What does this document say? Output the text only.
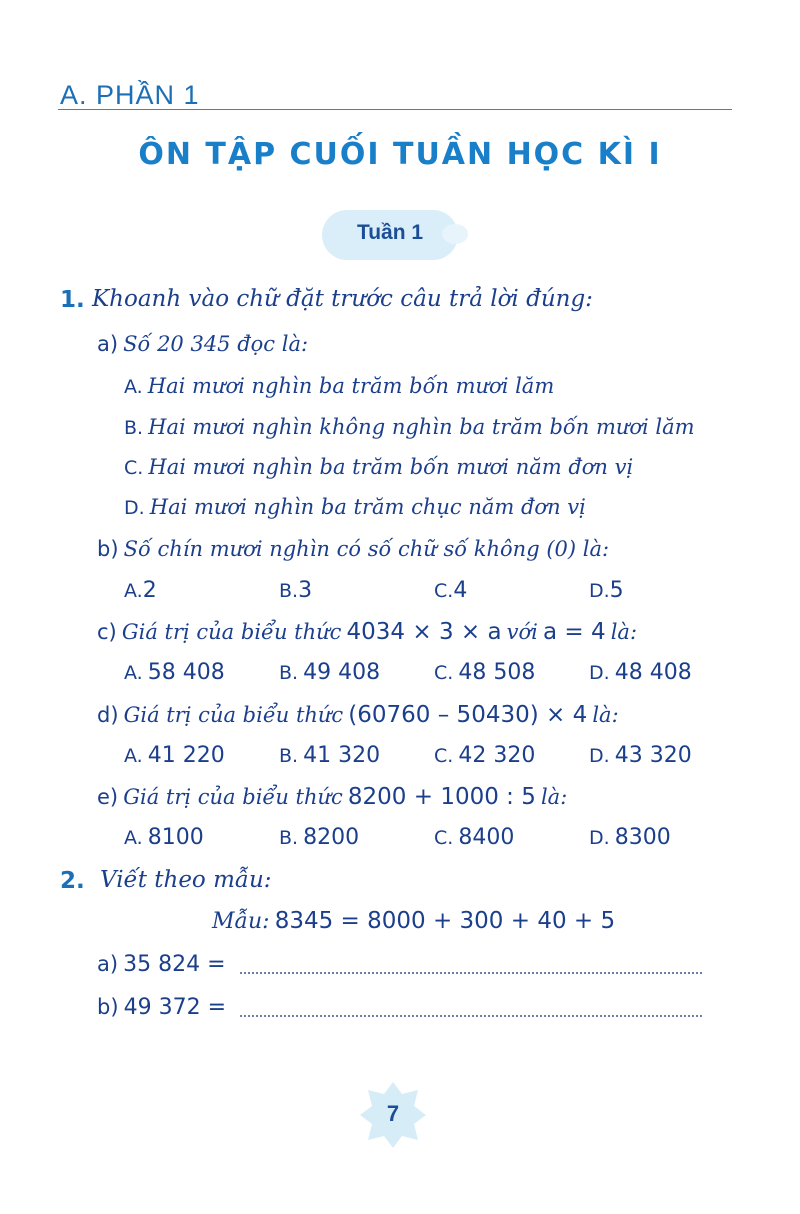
A. PHẦN 1
ÔN TẬP CUỐI TUẦN HỌC KÌ I
Tuần 1
1. Khoanh vào chữ đặt trước câu trả lời đúng:
a) Số 20 345 đọc là:
A. Hai mươi nghìn ba trăm bốn mươi lăm
B. Hai mươi nghìn không nghìn ba trăm bốn mươi lăm
C. Hai mươi nghìn ba trăm bốn mươi năm đơn vị
D. Hai mươi nghìn ba trăm chục năm đơn vị
b) Số chín mươi nghìn có số chữ số không (0) là:
A.2	B.3	C.4	D.5
c) Giá trị của biểu thức 4034 × 3 × a với a = 4 là:
A. 58 408	B. 49 408	C. 48 508	D. 48 408
d) Giá trị của biểu thức (60760 – 50430) × 4 là:
A. 41 220	B. 41 320	C. 42 320	D. 43 320
e) Giá trị của biểu thức 8200 + 1000 : 5 là:
A. 8100	B. 8200	C. 8400	D. 8300
2. Viết theo mẫu:
Mẫu: 8345 = 8000 + 300 + 40 + 5
a) 35 824 =
b) 49 372 =
7
